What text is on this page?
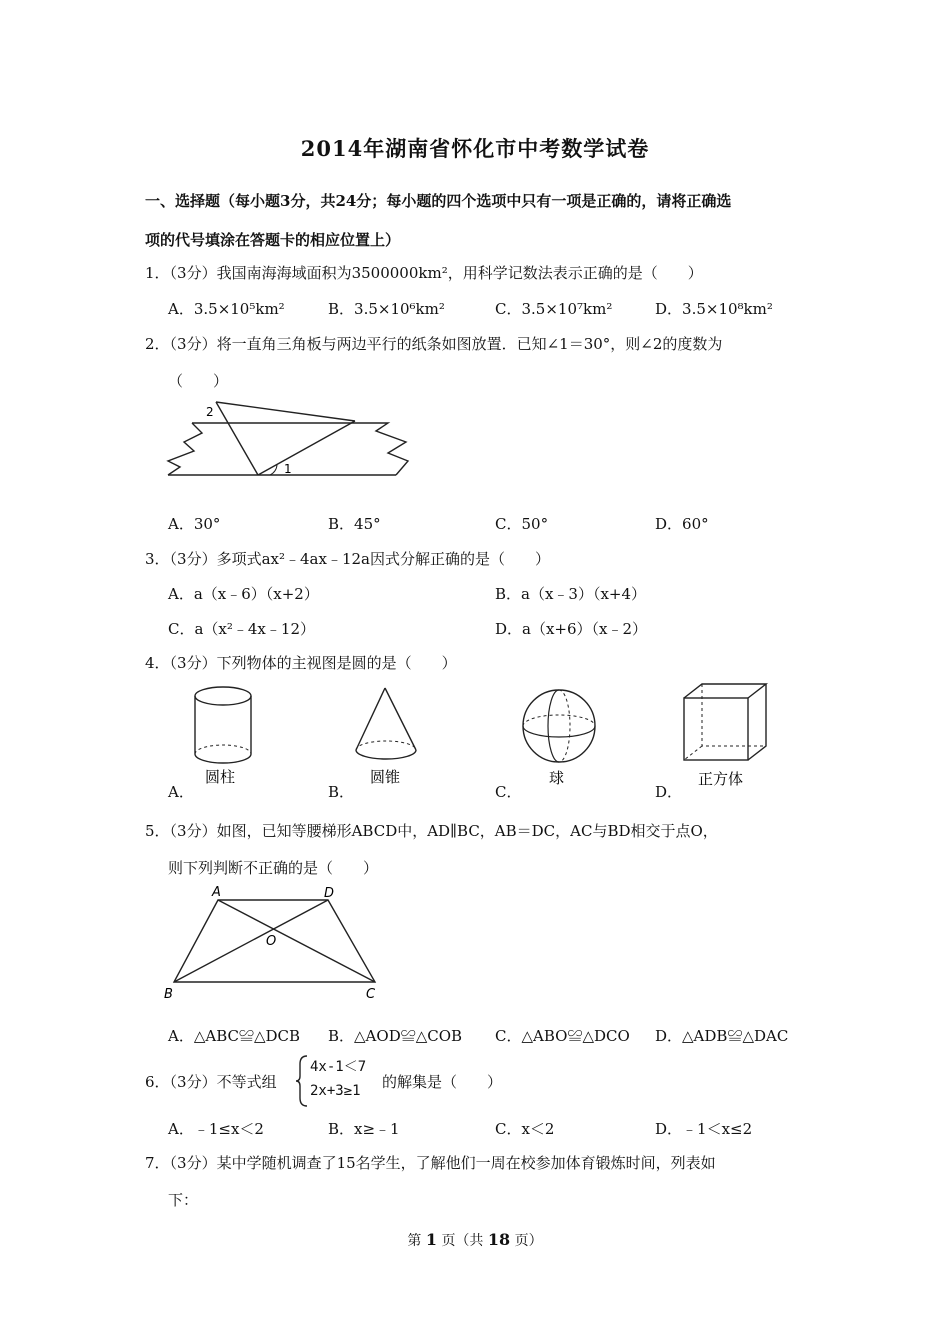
2014年湖南省怀化市中考数学试卷
一、选择题（每小题3分，共24分；每小题的四个选项中只有一项是正确的，请将正确选
项的代号填涂在答题卡的相应位置上）
1．（3分）我国南海海域面积为3500000km²，用科学记数法表示正确的是（　　）
A．3.5×10⁵km²	B．3.5×10⁶km²	C．3.5×10⁷km²	D．3.5×10⁸km²
2．（3分）将一直角三角板与两边平行的纸条如图放置．已知∠1＝30°，则∠2的度数为
（　　）
2
1
A．30°	B．45°	C．50°	D．60°
3．（3分）多项式ax²﹣4ax﹣12a因式分解正确的是（　　）
A．a（x﹣6）（x+2）	B．a（x﹣3）（x+4）
C．a（x²﹣4x﹣12）	D．a（x+6）（x﹣2）
4．（3分）下列物体的主视图是圆的是（　　）
圆柱	圆锥	球	正方体
A．	B．	C．	D．
5．（3分）如图，已知等腰梯形ABCD中，AD∥BC，AB＝DC，AC与BD相交于点O，
则下列判断不正确的是（　　）
A	D
O
B	C
A．△ABC≌△DCB B．△AOD≌△COB C．△ABO≌△DCO D．△ADB≌△DAC
6．（3分）不等式组
4x-1＜7
2x+3≥1 的解集是（　　）
A．﹣1≤x＜2	B．x≥﹣1	C．x＜2	D．﹣1＜x≤2
7．（3分）某中学随机调查了15名学生，了解他们一周在校参加体育锻炼时间，列表如
下：
第 1 页（共 18 页）
